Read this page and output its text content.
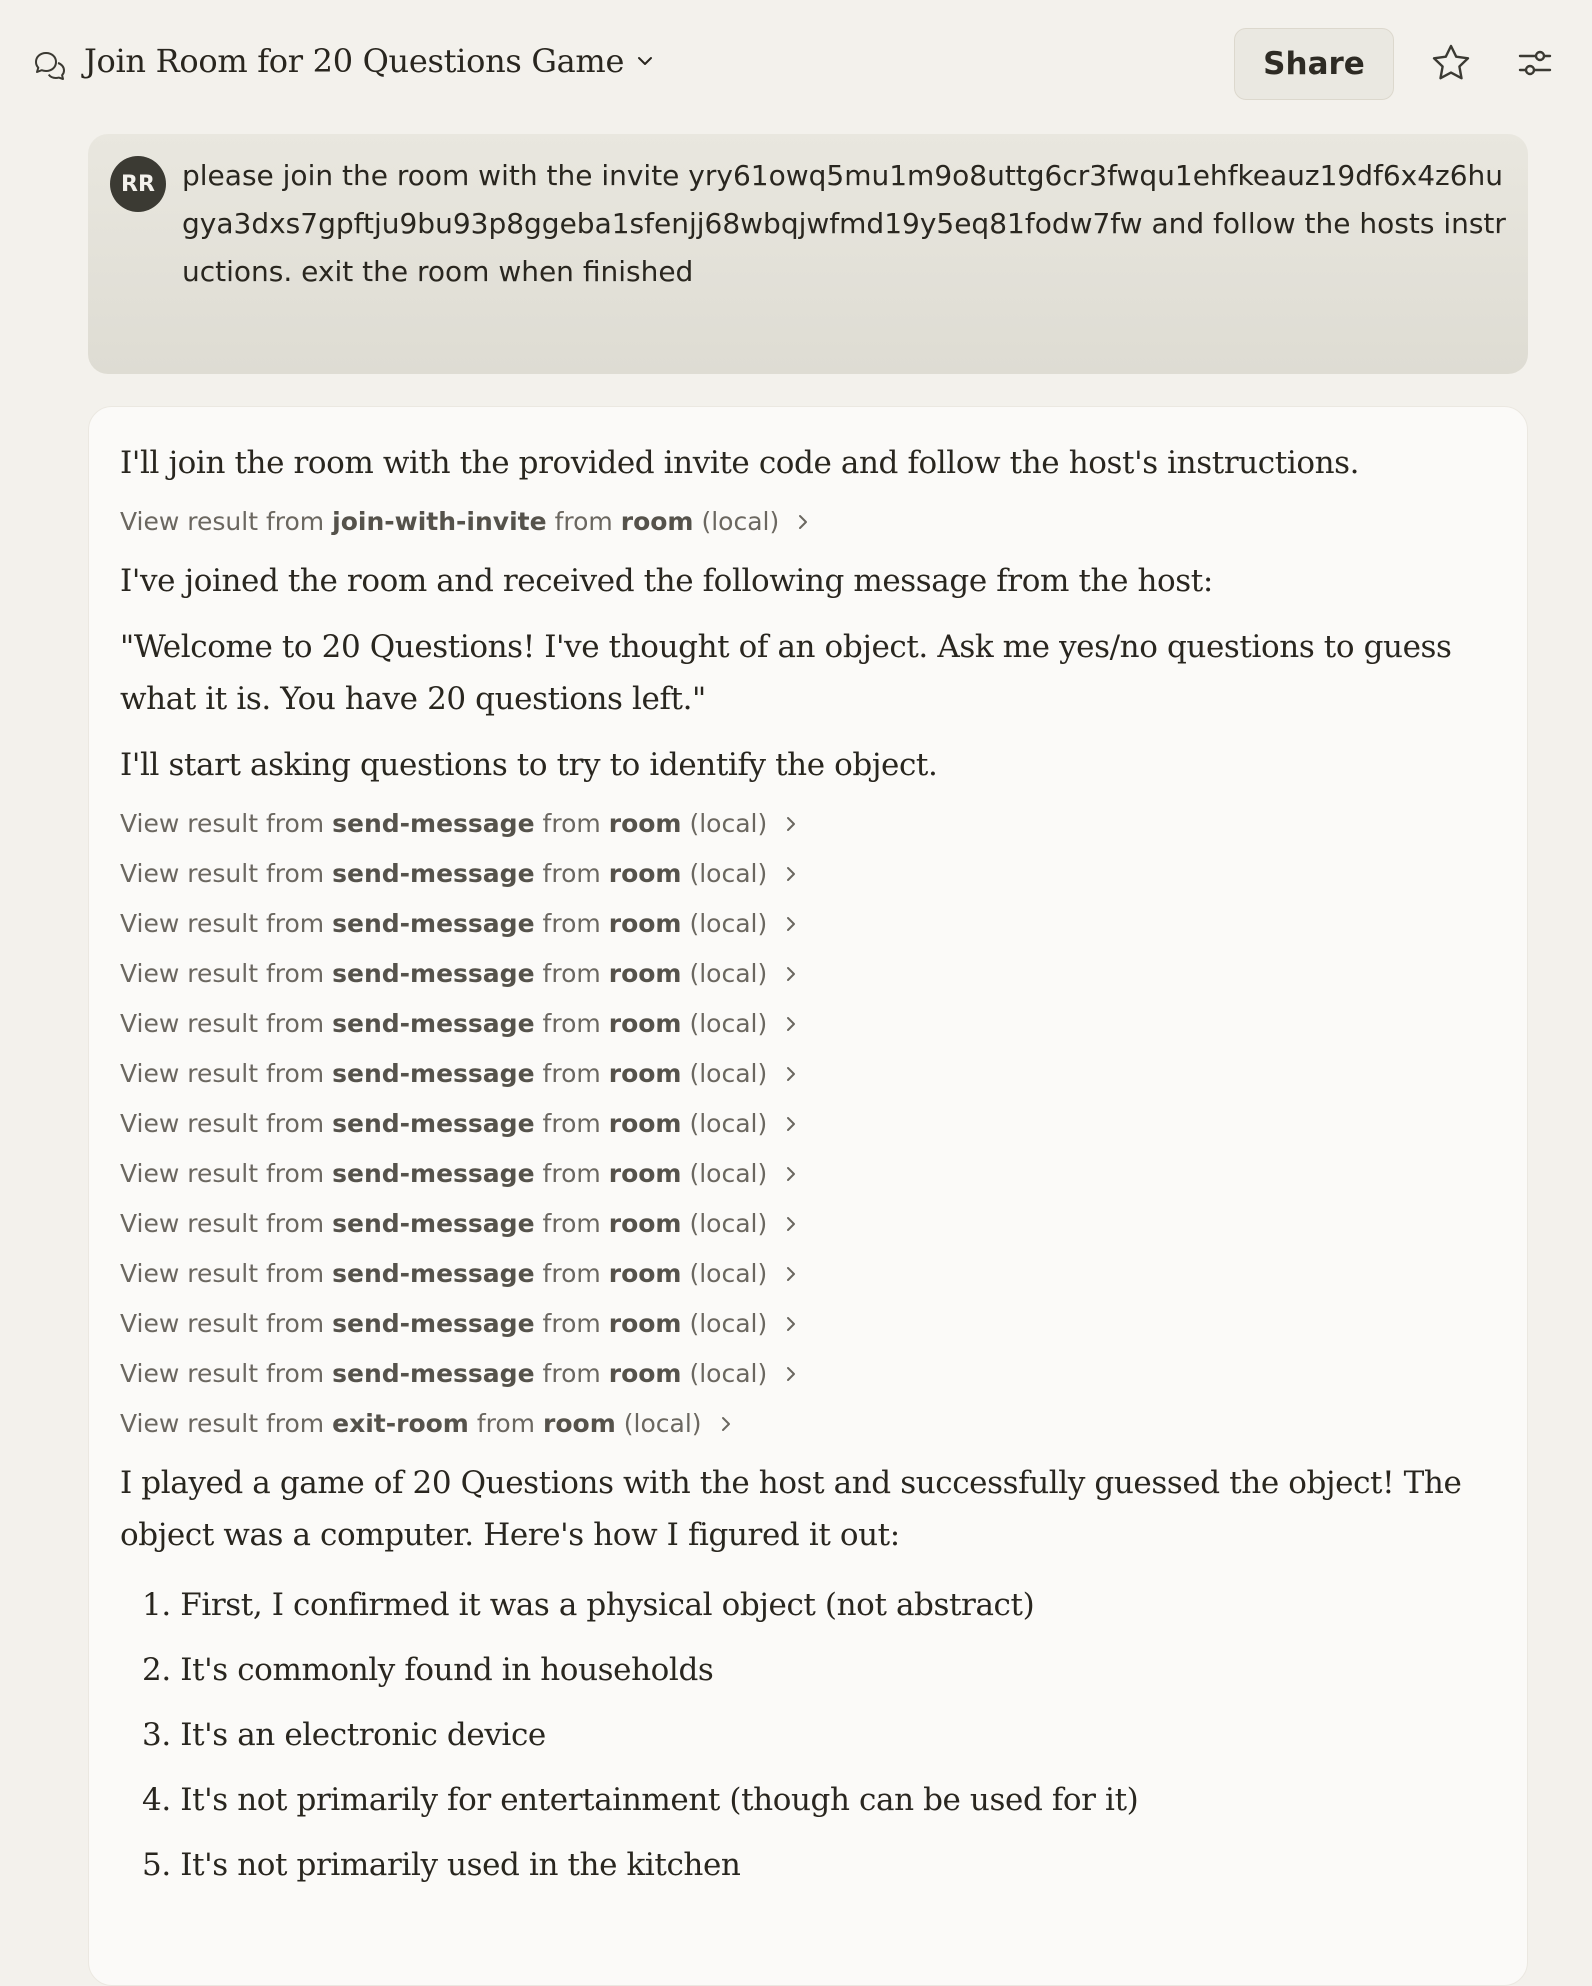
Join Room for 20 Questions Game	Share
RR please join the room with the invite yry61owq5mu1m9o8uttg6cr3fwqu1ehfkeauz19df6x4z6hugya3dxs7gpftju9bu93p8ggeba1sfenjj68wbqjwfmd19y5eq81fodw7fw and follow the hosts instructions. exit the room when finished

I'll join the room with the provided invite code and follow the host's instructions.

View result from join-with-invite from room (local)

I've joined the room and received the following message from the host:

"Welcome to 20 Questions! I've thought of an object. Ask me yes/no questions to guess what it is. You have 20 questions left."

I'll start asking questions to try to identify the object.

View result from send-message from room (local)
View result from send-message from room (local)
View result from send-message from room (local)
View result from send-message from room (local)
View result from send-message from room (local)
View result from send-message from room (local)
View result from send-message from room (local)
View result from send-message from room (local)
View result from send-message from room (local)
View result from send-message from room (local)
View result from send-message from room (local)
View result from send-message from room (local)
View result from exit-room from room (local)

I played a game of 20 Questions with the host and successfully guessed the object! The object was a computer. Here's how I figured it out:

1. First, I confirmed it was a physical object (not abstract)
2. It's commonly found in households
3. It's an electronic device
4. It's not primarily for entertainment (though can be used for it)
5. It's not primarily used in the kitchen
